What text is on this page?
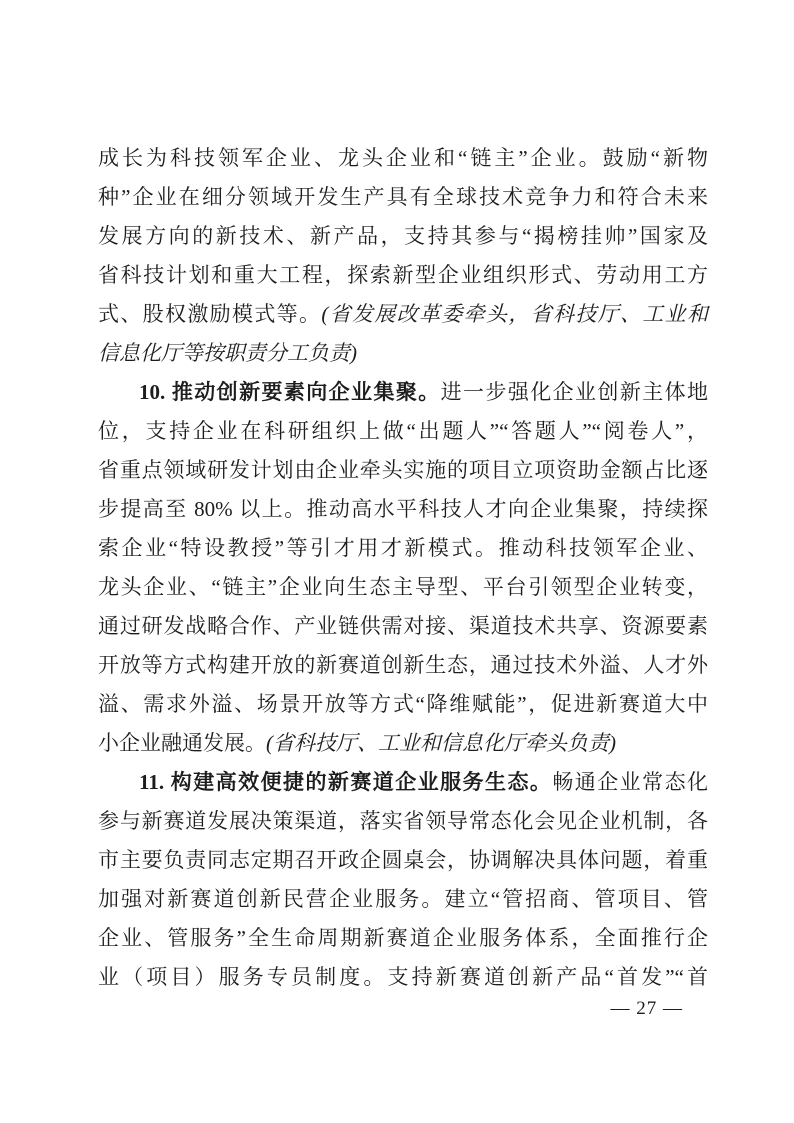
成长为科技领军企业、龙头企业和“链主”企业。鼓励“新物
种”企业在细分领域开发生产具有全球技术竞争力和符合未来
发展方向的新技术、新产品，支持其参与“揭榜挂帅”国家及
省科技计划和重大工程，探索新型企业组织形式、劳动用工方
式、股权激励模式等。(省发展改革委牵头，省科技厅、工业和
信息化厅等按职责分工负责)
10. 推动创新要素向企业集聚。进一步强化企业创新主体地
位，支持企业在科研组织上做“出题人”“答题人”“阅卷人”，
省重点领域研发计划由企业牵头实施的项目立项资助金额占比逐
步提高至 80% 以上。推动高水平科技人才向企业集聚，持续探
索企业“特设教授”等引才用才新模式。推动科技领军企业、
龙头企业、“链主”企业向生态主导型、平台引领型企业转变，
通过研发战略合作、产业链供需对接、渠道技术共享、资源要素
开放等方式构建开放的新赛道创新生态，通过技术外溢、人才外
溢、需求外溢、场景开放等方式“降维赋能”，促进新赛道大中
小企业融通发展。(省科技厅、工业和信息化厅牵头负责)
11. 构建高效便捷的新赛道企业服务生态。畅通企业常态化
参与新赛道发展决策渠道，落实省领导常态化会见企业机制，各
市主要负责同志定期召开政企圆桌会，协调解决具体问题，着重
加强对新赛道创新民营企业服务。建立“管招商、管项目、管
企业、管服务”全生命周期新赛道企业服务体系，全面推行企
业（项目）服务专员制度。支持新赛道创新产品“首发”“首
— 27 —
